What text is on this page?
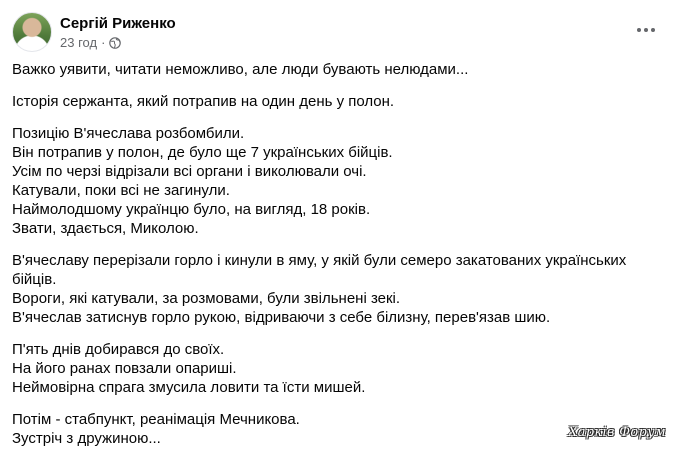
Сергій Риженко
23 год ·

Важко уявити, читати неможливо, але люди бувають нелюдами...

Історія сержанта, який потрапив на один день у полон.

Позицію В'ячеслава розбомбили.
Він потрапив у полон, де було ще 7 українських бійців.
Усім по черзі відрізали всі органи і виколювали очі.
Катували, поки всі не загинули.
Наймолодшому українцю було, на вигляд, 18 років.
Звати, здається, Миколою.

В'ячеславу перерізали горло і кинули в яму, у якій були семеро закатованих українських бійців.
Вороги, які катували, за розмовами, були звільнені зекі.
В'ячеслав затиснув горло рукою, відриваючи з себе білизну, перев'язав шию.

П'ять днів добирався до своїх.
На його ранах повзали опариші.
Неймовірна спрага змусила ловити та їсти мишей.

Потім - стабпункт, реанімація Мечникова.
Зустріч з дружиною...	Харків Форум
